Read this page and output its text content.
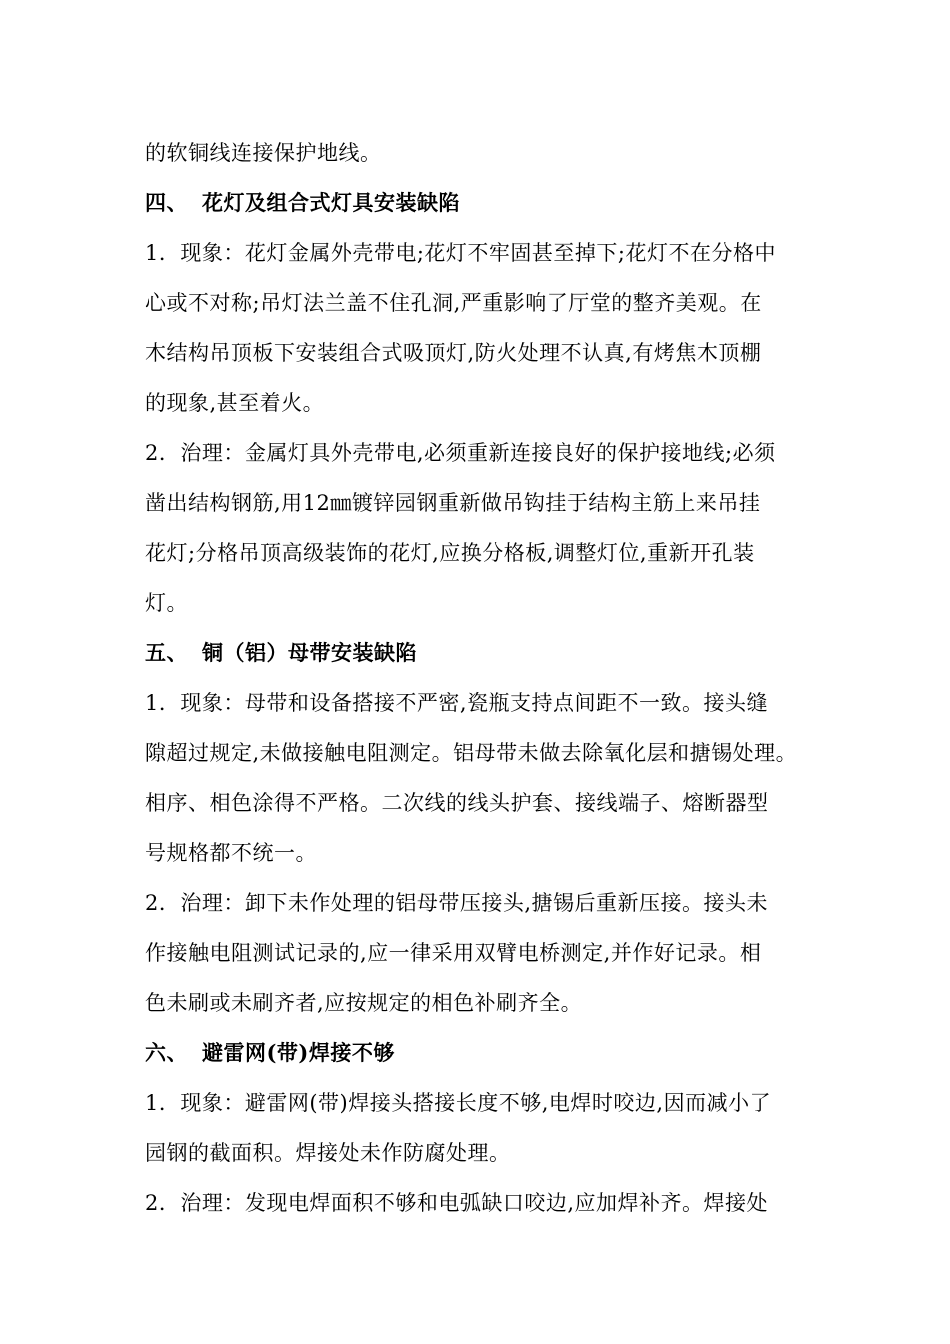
的软铜线连接保护地线。
四、 花灯及组合式灯具安装缺陷
1．现象：花灯金属外壳带电;花灯不牢固甚至掉下;花灯不在分格中
心或不对称;吊灯法兰盖不住孔洞,严重影响了厅堂的整齐美观。在
木结构吊顶板下安装组合式吸顶灯,防火处理不认真,有烤焦木顶棚
的现象,甚至着火。
2．治理：金属灯具外壳带电,必须重新连接良好的保护接地线;必须
凿出结构钢筋,用12㎜镀锌园钢重新做吊钩挂于结构主筋上来吊挂
花灯;分格吊顶高级装饰的花灯,应换分格板,调整灯位,重新开孔装
灯。
五、 铜（铝）母带安装缺陷
1．现象：母带和设备搭接不严密,瓷瓶支持点间距不一致。接头缝
隙超过规定,未做接触电阻测定。铝母带未做去除氧化层和搪锡处理。
相序、相色涂得不严格。二次线的线头护套、接线端子、熔断器型
号规格都不统一。
2．治理：卸下未作处理的铝母带压接头,搪锡后重新压接。接头未
作接触电阻测试记录的,应一律采用双臂电桥测定,并作好记录。相
色未刷或未刷齐者,应按规定的相色补刷齐全。
六、 避雷网(带)焊接不够
1．现象：避雷网(带)焊接头搭接长度不够,电焊时咬边,因而减小了
园钢的截面积。焊接处未作防腐处理。
2．治理：发现电焊面积不够和电弧缺口咬边,应加焊补齐。焊接处
